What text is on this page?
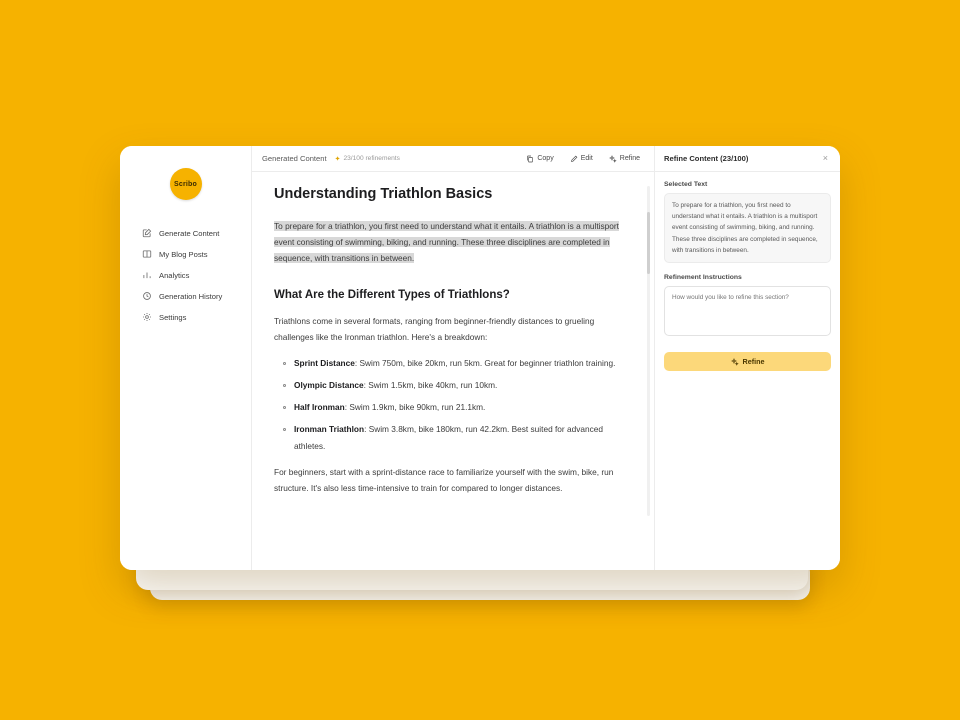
Scribo
Generate Content
My Blog Posts
Analytics
Generation History
Settings
Generated Content ✦ 23/100 refinements	Copy	Edit	Refine
Understanding Triathlon Basics

To prepare for a triathlon, you first need to understand what it entails. A triathlon is a multisport event consisting of swimming, biking, and running. These three disciplines are completed in sequence, with transitions in between.

What Are the Different Types of Triathlons?

Triathlons come in several formats, ranging from beginner-friendly distances to grueling challenges like the Ironman triathlon. Here's a breakdown:

Sprint Distance: Swim 750m, bike 20km, run 5km. Great for beginner triathlon training.
Olympic Distance: Swim 1.5km, bike 40km, run 10km.
Half Ironman: Swim 1.9km, bike 90km, run 21.1km.
Ironman Triathlon: Swim 3.8km, bike 180km, run 42.2km. Best suited for advanced athletes.

For beginners, start with a sprint-distance race to familiarize yourself with the swim, bike, run structure. It's also less time-intensive to train for compared to longer distances.

Refine Content (23/100)	×
Selected Text
To prepare for a triathlon, you first need to understand what it entails. A triathlon is a multisport event consisting of swimming, biking, and running. These three disciplines are completed in sequence, with transitions in between.
Refinement Instructions
How would you like to refine this section?
Refine
